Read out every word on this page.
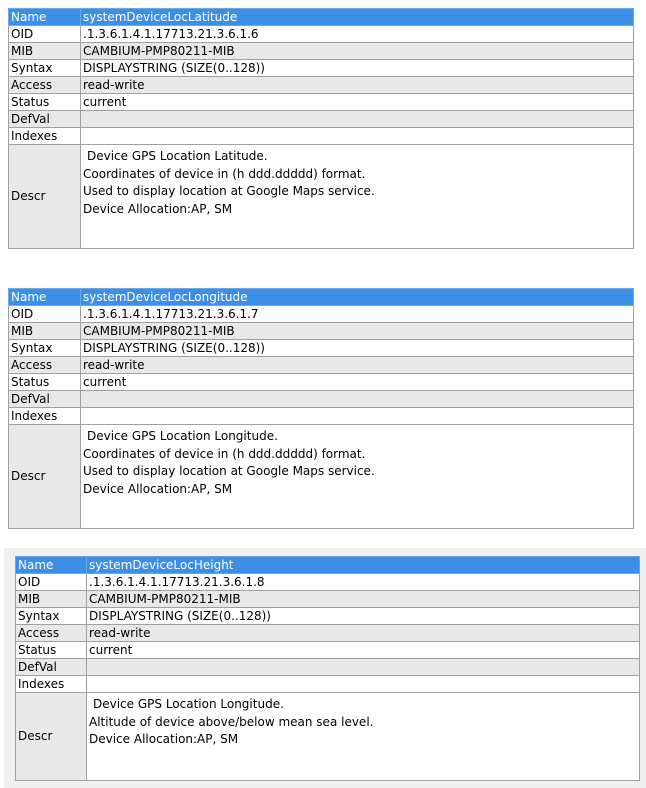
Name	systemDeviceLocLatitude
OID	.1.3.6.1.4.1.17713.21.3.6.1.6
MIB	CAMBIUM-PMP80211-MIB
Syntax	DISPLAYSTRING (SIZE(0..128))
Access	read-write
Status	current
DefVal	
Indexes	
Descr	Device GPS Location Latitude.
Coordinates of device in (h ddd.ddddd) format.
Used to display location at Google Maps service.
Device Allocation:AP, SM
Name	systemDeviceLocLongitude
OID	.1.3.6.1.4.1.17713.21.3.6.1.7
MIB	CAMBIUM-PMP80211-MIB
Syntax	DISPLAYSTRING (SIZE(0..128))
Access	read-write
Status	current
DefVal	
Indexes	
Descr	Device GPS Location Longitude.
Coordinates of device in (h ddd.ddddd) format.
Used to display location at Google Maps service.
Device Allocation:AP, SM
Name	systemDeviceLocHeight
OID	.1.3.6.1.4.1.17713.21.3.6.1.8
MIB	CAMBIUM-PMP80211-MIB
Syntax	DISPLAYSTRING (SIZE(0..128))
Access	read-write
Status	current
DefVal	
Indexes	
Descr	Device GPS Location Longitude.
Altitude of device above/below mean sea level.
Device Allocation:AP, SM
